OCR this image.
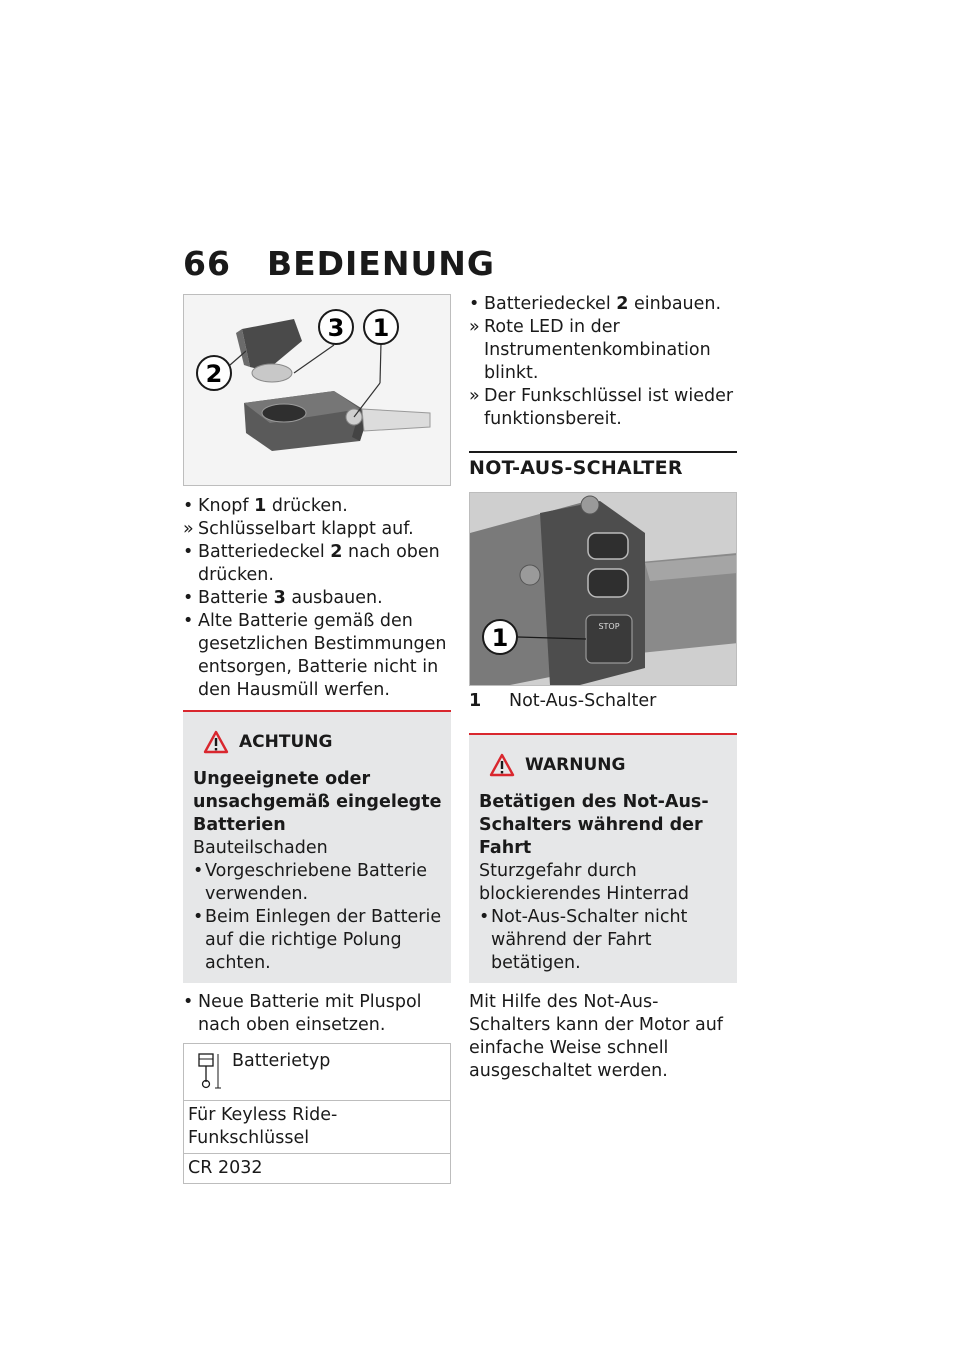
66 BEDIENUNG
3 1
2
• Knopf 1 drücken.
» Schlüsselbart klappt auf.
• Batteriedeckel 2 nach oben drücken.
• Batterie 3 ausbauen.
• Alte Batterie gemäß den gesetzlichen Bestimmungen entsorgen, Batterie nicht in den Hausmüll werfen.
ACHTUNG
Ungeeignete oder unsachgemäß eingelegte Batterien
Bauteilschaden
• Vorgeschriebene Batterie verwenden.
• Beim Einlegen der Batterie auf die richtige Polung achten.
• Neue Batterie mit Pluspol nach oben einsetzen.
Batterietyp
Für Keyless Ride-Funkschlüssel
CR 2032
• Batteriedeckel 2 einbauen.
» Rote LED in der Instrumentenkombination blinkt.
» Der Funkschlüssel ist wieder funktionsbereit.
NOT-AUS-SCHALTER
STOP
1
1	Not-Aus-Schalter
WARNUNG
Betätigen des Not-Aus-Schalters während der Fahrt
Sturzgefahr durch blockierendes Hinterrad
• Not-Aus-Schalter nicht während der Fahrt betätigen.
Mit Hilfe des Not-Aus-Schalters kann der Motor auf einfache Weise schnell ausgeschaltet werden.
